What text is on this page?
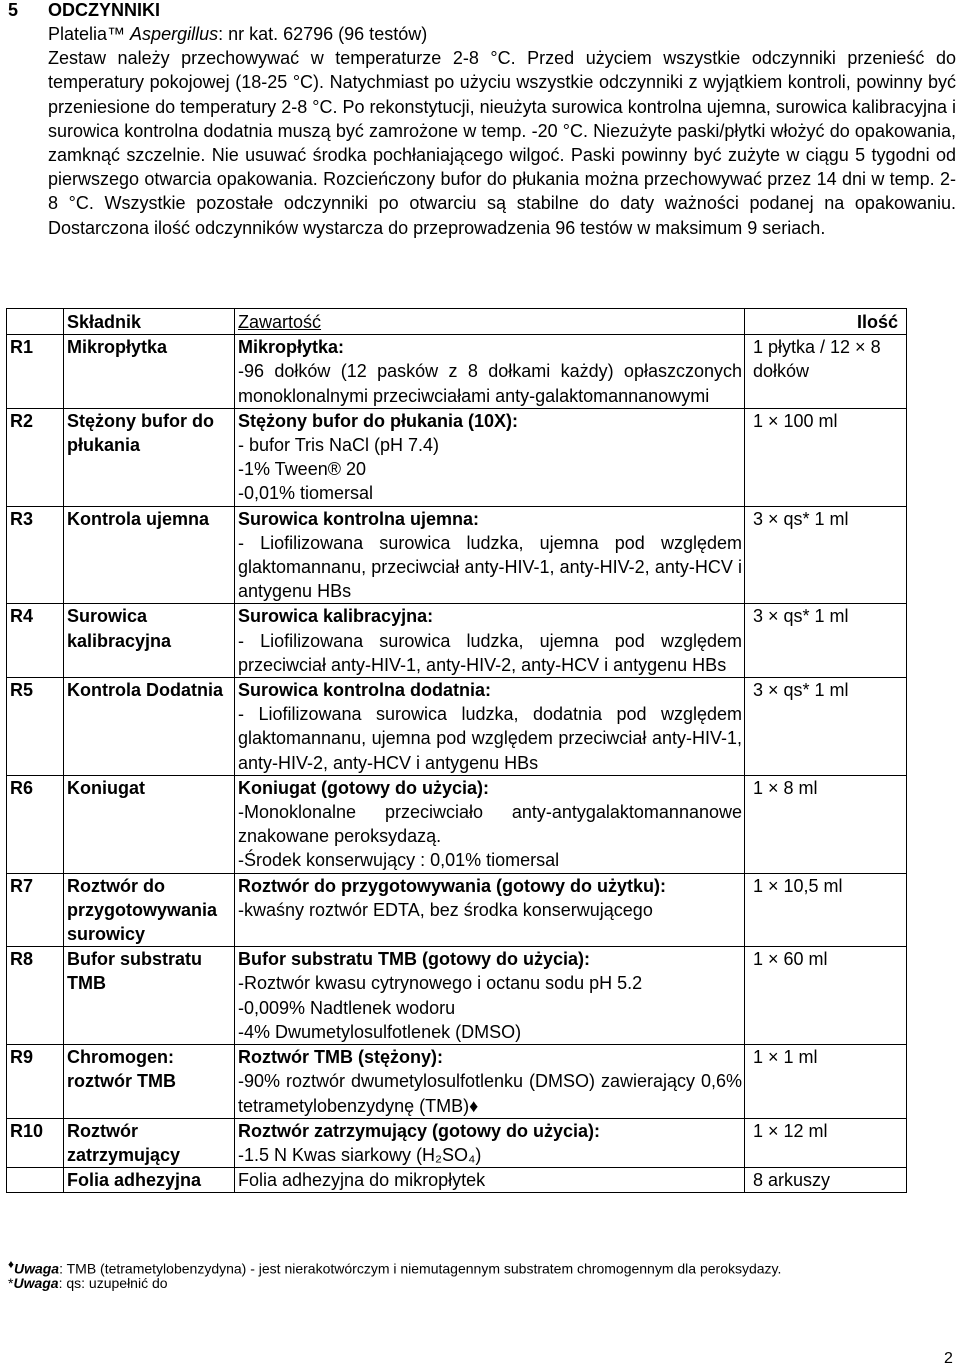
5 ODCZYNNIKI

Platelia™ Aspergillus: nr kat. 62796 (96 testów)

Zestaw należy przechowywać w temperaturze 2-8 °C. Przed użyciem wszystkie odczynniki przenieść do temperatury pokojowej (18-25 °C). Natychmiast po użyciu wszystkie odczynniki z wyjątkiem kontroli, powinny być przeniesione do temperatury 2-8 °C. Po rekonstytucji, nieużyta surowica kontrolna ujemna, surowica kalibracyjna i surowica kontrolna dodatnia muszą być zamrożone w temp. -20 °C. Niezużyte paski/płytki włożyć do opakowania, zamknąć szczelnie. Nie usuwać środka pochłaniającego wilgoć. Paski powinny być zużyte w ciągu 5 tygodni od pierwszego otwarcia opakowania. Rozcieńczony bufor do płukania można przechowywać przez 14 dni w temp. 2-8 °C. Wszystkie pozostałe odczynniki po otwarciu są stabilne do daty ważności podanej na opakowaniu. Dostarczona ilość odczynników wystarcza do przeprowadzenia 96 testów w maksimum 9 seriach.

	Składnik	Zawartość	Ilość
R1	Mikropłytka	Mikropłytka:
-96 dołków (12 pasków z 8 dołkami każdy) opłaszczonych monoklonalnymi przeciwciałami anty-galaktomannanowymi	1 płytka / 12 × 8 dołków
R2	Stężony bufor do płukania	Stężony bufor do płukania (10X):
- bufor Tris NaCl (pH 7.4)
-1% Tween® 20
-0,01% tiomersal	1 × 100 ml
R3	Kontrola ujemna	Surowica kontrolna ujemna:
- Liofilizowana surowica ludzka, ujemna pod względem glaktomannanu, przeciwciał anty-HIV-1, anty-HIV-2, anty-HCV i antygenu HBs	3 × qs* 1 ml
R4	Surowica kalibracyjna	Surowica kalibracyjna:
- Liofilizowana surowica ludzka, ujemna pod względem przeciwciał anty-HIV-1, anty-HIV-2, anty-HCV i antygenu HBs	3 × qs* 1 ml
R5	Kontrola Dodatnia	Surowica kontrolna dodatnia:
- Liofilizowana surowica ludzka, dodatnia pod względem glaktomannanu, ujemna pod względem przeciwciał anty-HIV-1, anty-HIV-2, anty-HCV i antygenu HBs	3 × qs* 1 ml
R6	Koniugat	Koniugat (gotowy do użycia):
-Monoklonalne przeciwciało anty-antygalaktomannanowe znakowane peroksydazą.
-Środek konserwujący : 0,01% tiomersal	1 × 8 ml
R7	Roztwór do przygotowywania surowicy	Roztwór do przygotowywania (gotowy do użytku):
-kwaśny roztwór EDTA, bez środka konserwującego	1 × 10,5 ml
R8	Bufor substratu TMB	Bufor substratu TMB (gotowy do użycia):
-Roztwór kwasu cytrynowego i octanu sodu pH 5.2
-0,009% Nadtlenek wodoru
-4% Dwumetylosulfotlenek (DMSO)	1 × 60 ml
R9	Chromogen: roztwór TMB	Roztwór TMB (stężony):
-90% roztwór dwumetylosulfotlenku (DMSO) zawierający 0,6% tetrametylobenzydynę (TMB)♦	1 × 1 ml
R10	Roztwór zatrzymujący	Roztwór zatrzymujący (gotowy do użycia):
-1.5 N Kwas siarkowy (H₂SO₄)	1 × 12 ml
	Folia adhezyjna	Folia adhezyjna do mikropłytek	8 arkuszy
♦Uwaga: TMB (tetrametylobenzydyna) - jest nierakotwórczym i niemutagennym substratem chromogennym dla peroksydazy.
*Uwaga: qs: uzupełnić do
2
